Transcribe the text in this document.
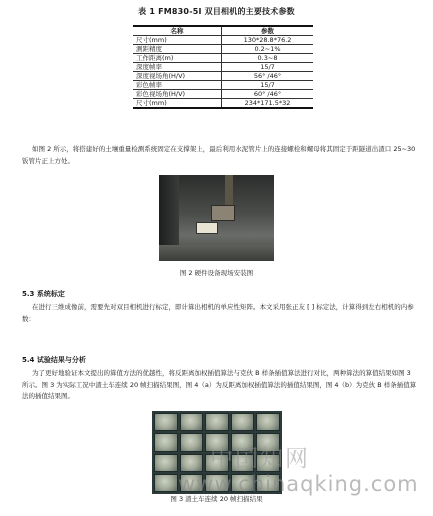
表 1 FM830-5I 双目相机的主要技术参数
名称	参数
尺寸(mm)	130*28.8*76.2
测距精度	0.2~1%
工作距离(m)	0.3~8
深度帧率	15/7
深度视场角(H/V)	56° /46°
彩色帧率	15/7
彩色视场角(H/V)	60° /46°
尺寸(mm)	234*171.5*32
如图 2 所示，将搭建好的土壤重量检测系统固定在支撑架上，最后利用水泥管片上的连接螺栓和螺母将其固定于距隧道出渣口 25~30 钣管片正上方处。
图 2 硬件设备现场安装图
5.3 系统标定
在进行三维成像前，需要先对双目相机进行标定，即计算出相机的单应性矩阵。本文采用张正友 [ ] 标定法，计算得到左右相机的内参数：
5.4 试验结果与分析
为了更好地验证本文提出的算值方法的优越性，将反距离加权插值算法与克伙 B 样条插值算法进行对比，两种算法的算值结果如图 3 所示。图 3 为实际工况中渣土车连续 20 帧扫描结果图，图 4（a）为反距离加权插值算法的插值结果图，图 4（b）为克伙 B 样条插值算法的插值结果图。
中国知网
www.chinaqking.com
图 3 渣土车连续 20 帧扫描结果
